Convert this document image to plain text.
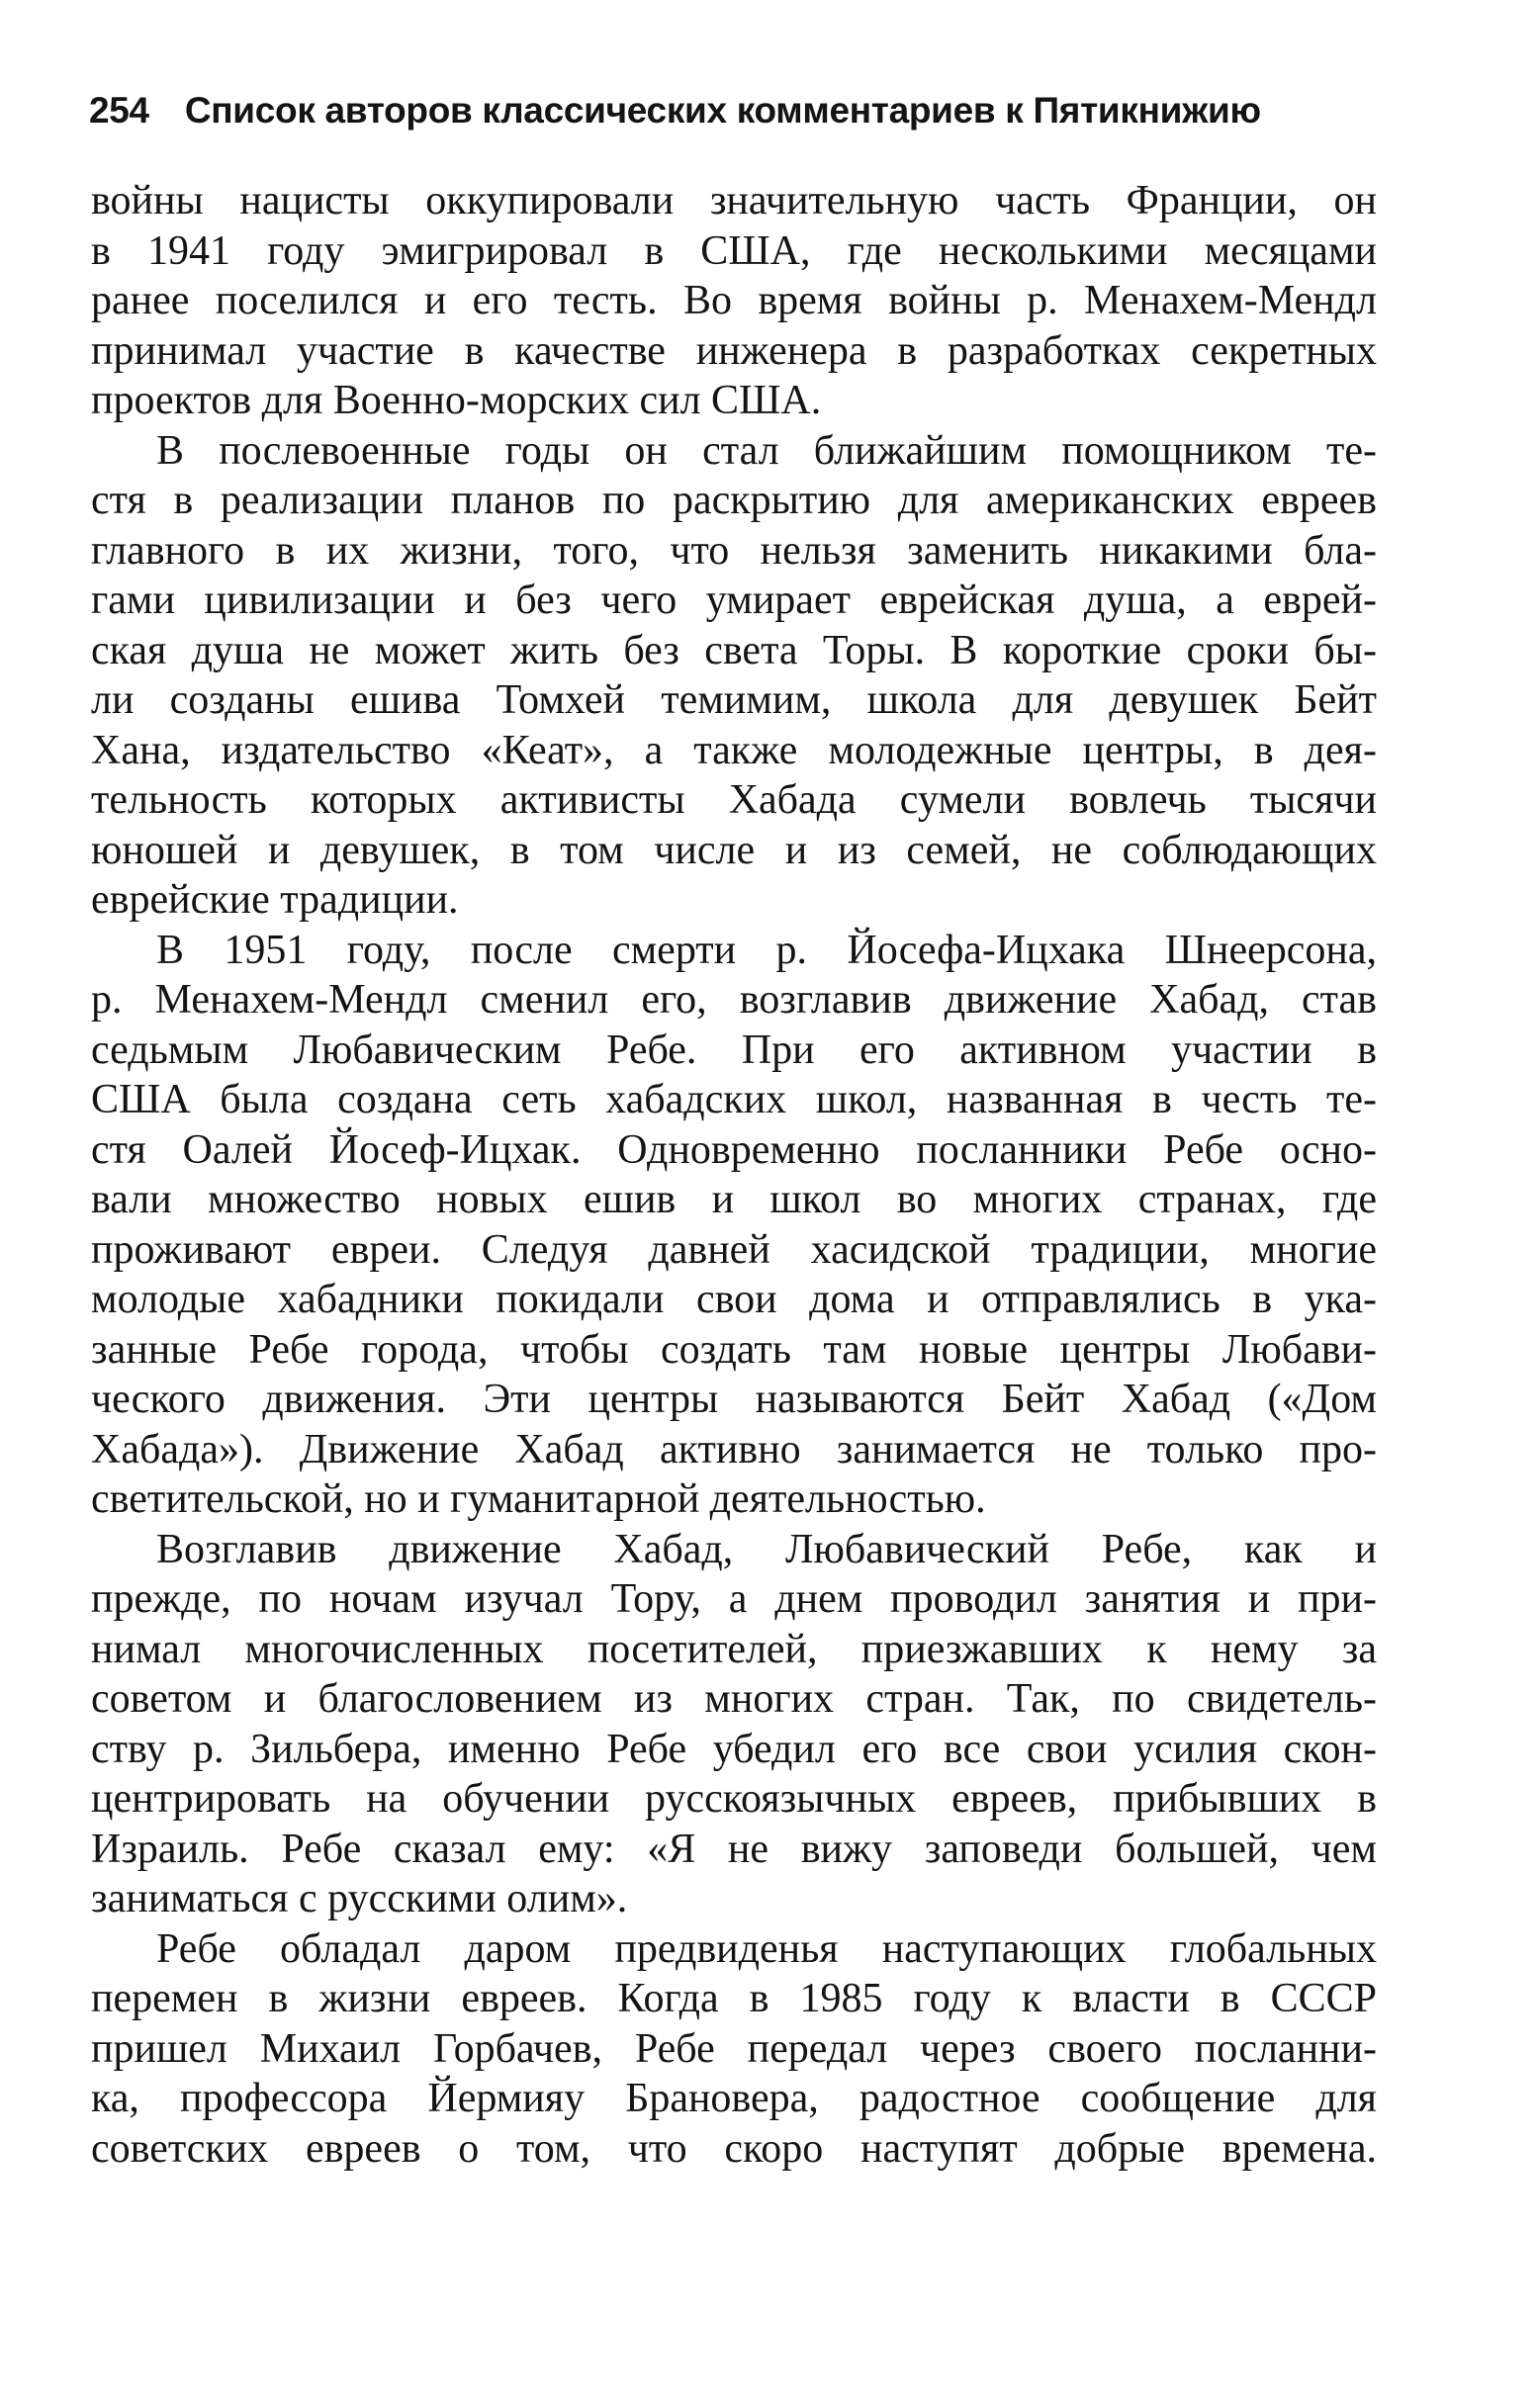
254 Список авторов классических комментариев к Пятикнижию
войны нацисты оккупировали значительную часть Франции, он
в 1941 году эмигрировал в США, где несколькими месяцами
ранее поселился и его тесть. Во время войны р. Менахем-Мендл
принимал участие в качестве инженера в разработках секретных
проектов для Военно-морских сил США.
В послевоенные годы он стал ближайшим помощником те-
стя в реализации планов по раскрытию для американских евреев
главного в их жизни, того, что нельзя заменить никакими бла-
гами цивилизации и без чего умирает еврейская душа, а еврей-
ская душа не может жить без света Торы. В короткие сроки бы-
ли созданы ешива Томхей темимим, школа для девушек Бейт
Хана, издательство «Кеат», а также молодежные центры, в дея-
тельность которых активисты Хабада сумели вовлечь тысячи
юношей и девушек, в том числе и из семей, не соблюдающих
еврейские традиции.
В 1951 году, после смерти р. Йосефа-Ицхака Шнеерсона,
р. Менахем-Мендл сменил его, возглавив движение Хабад, став
седьмым Любавическим Ребе. При его активном участии в
США была создана сеть хабадских школ, названная в честь те-
стя Оалей Йосеф-Ицхак. Одновременно посланники Ребе осно-
вали множество новых ешив и школ во многих странах, где
проживают евреи. Следуя давней хасидской традиции, многие
молодые хабадники покидали свои дома и отправлялись в ука-
занные Ребе города, чтобы создать там новые центры Любави-
ческого движения. Эти центры называются Бейт Хабад («Дом
Хабада»). Движение Хабад активно занимается не только про-
светительской, но и гуманитарной деятельностью.
Возглавив движение Хабад, Любавический Ребе, как и
прежде, по ночам изучал Тору, а днем проводил занятия и при-
нимал многочисленных посетителей, приезжавших к нему за
советом и благословением из многих стран. Так, по свидетель-
ству р. Зильбера, именно Ребе убедил его все свои усилия скон-
центрировать на обучении русскоязычных евреев, прибывших в
Израиль. Ребе сказал ему: «Я не вижу заповеди большей, чем
заниматься с русскими олим».
Ребе обладал даром предвиденья наступающих глобальных
перемен в жизни евреев. Когда в 1985 году к власти в СССР
пришел Михаил Горбачев, Ребе передал через своего посланни-
ка, профессора Йермияу Брановера, радостное сообщение для
советских евреев о том, что скоро наступят добрые времена.
